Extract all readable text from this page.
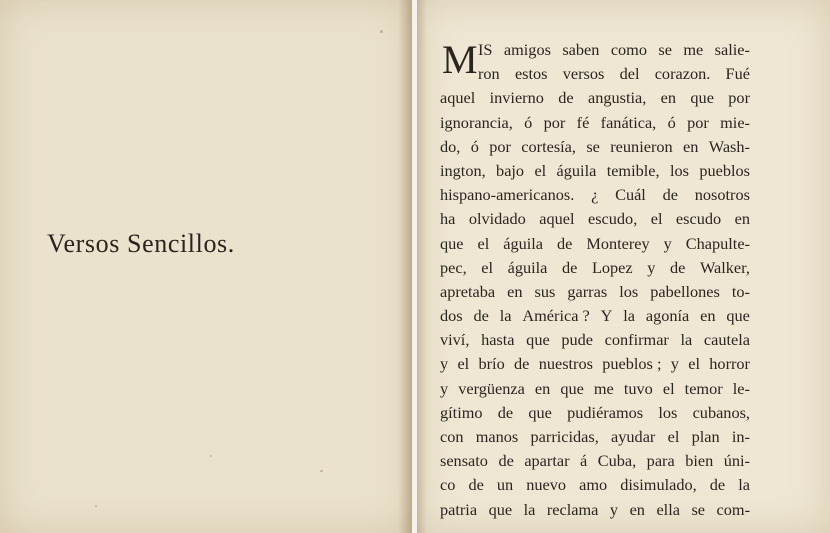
Versos Sencillos.
M IS amigos saben como se me salie-
ron estos versos del corazon. Fué
aquel invierno de angustia, en que por
ignorancia, ó por fé fanática, ó por mie-
do, ó por cortesía, se reunieron en Wash-
ington, bajo el águila temible, los pueblos
hispano-americanos. ¿ Cuál de nosotros
ha olvidado aquel escudo, el escudo en
que el águila de Monterey y Chapulte-
pec, el águila de Lopez y de Walker,
apretaba en sus garras los pabellones to-
dos de la América ? Y la agonía en que
viví, hasta que pude confirmar la cautela
y el brío de nuestros pueblos ; y el horror
y vergüenza en que me tuvo el temor le-
gítimo de que pudiéramos los cubanos,
con manos parricidas, ayudar el plan in-
sensato de apartar á Cuba, para bien úni-
co de un nuevo amo disimulado, de la
patria que la reclama y en ella se com-
